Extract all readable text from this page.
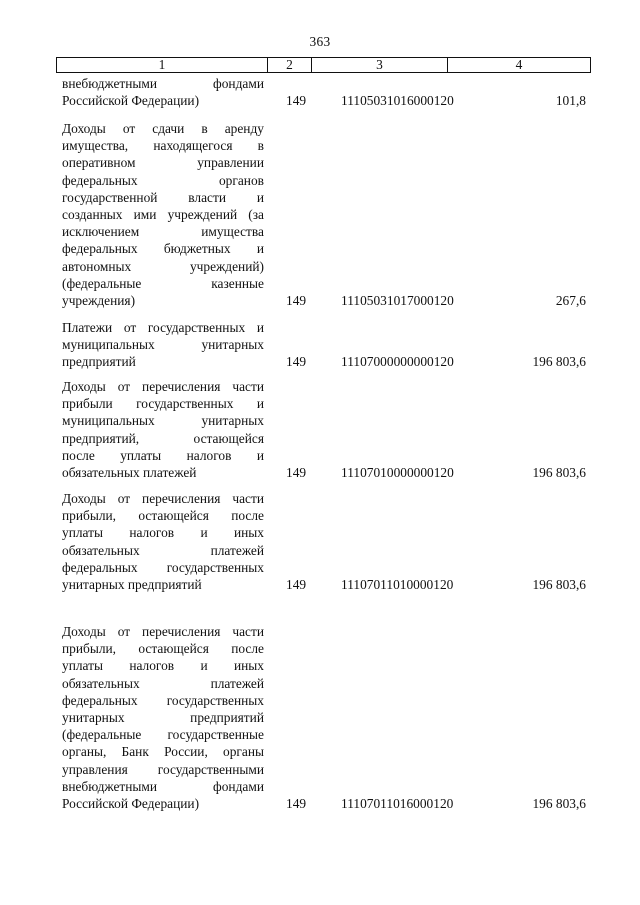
363
1	2	3	4
внебюджетными фондами
Российской Федерации)	149	11105031016000120	101,8
Доходы от сдачи в аренду
имущества, находящегося в
оперативном управлении
федеральных органов
государственной власти и
созданных ими учреждений (за
исключением имущества
федеральных бюджетных и
автономных учреждений)
(федеральные казенные
учреждения)	149	11105031017000120	267,6
Платежи от государственных и
муниципальных унитарных
предприятий	149	11107000000000120	196 803,6
Доходы от перечисления части
прибыли государственных и
муниципальных унитарных
предприятий, остающейся
после уплаты налогов и
обязательных платежей	149	11107010000000120	196 803,6
Доходы от перечисления части
прибыли, остающейся после
уплаты налогов и иных
обязательных платежей
федеральных государственных
унитарных предприятий	149	11107011010000120	196 803,6
Доходы от перечисления части
прибыли, остающейся после
уплаты налогов и иных
обязательных платежей
федеральных государственных
унитарных предприятий
(федеральные государственные
органы, Банк России, органы
управления государственными
внебюджетными фондами
Российской Федерации)	149	11107011016000120	196 803,6
